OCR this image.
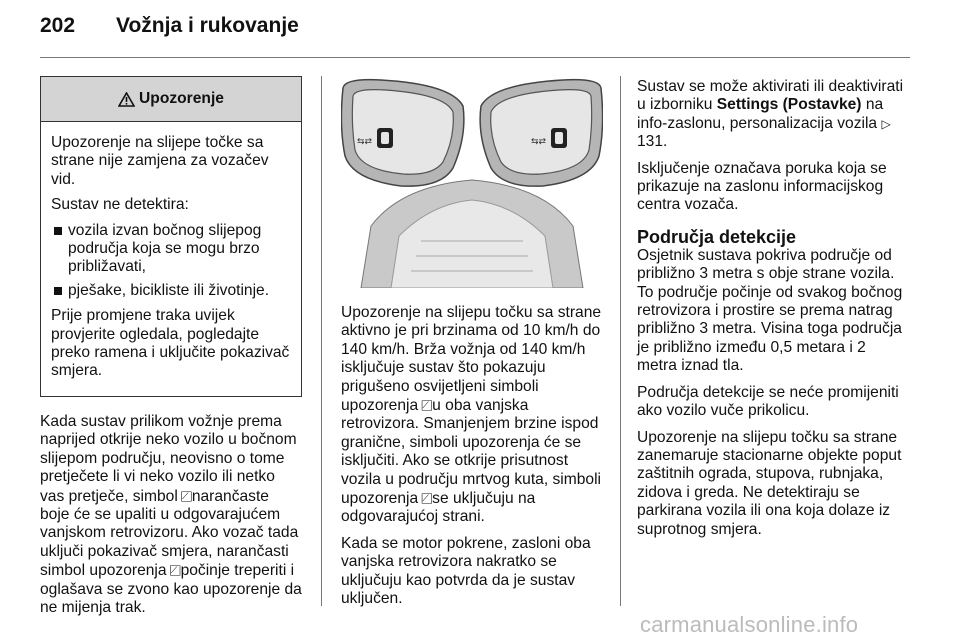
202 Vožnja i rukovanje
Upozorenje

Upozorenje na slijepe točke sa strane nije zamjena za vozačev vid.

Sustav ne detektira:

vozila izvan bočnog slijepog područja koja se mogu brzo približavati,
pješake, bicikliste ili životinje.

Prije promjene traka uvijek provjerite ogledala, pogledajte preko ramena i uključite pokazivač smjera.

Kada sustav prilikom vožnje prema naprijed otkrije neko vozilo u bočnom slijepom području, neovisno o tome pretječete li vi neko vozilo ili netko vas pretječe, simbol ⟋⃞ narančaste boje će se upaliti u odgovarajućem vanjskom retrovizoru. Ako vozač tada uključi pokazivač smjera, narančasti simbol upozorenja ⟋⃞ počinje treperiti i oglašava se zvono kao upozorenje da ne mijenja trak.

⇆⇄	⇆⇄

Upozorenje na slijepu točku sa strane aktivno je pri brzinama od 10 km/h do 140 km/h. Brža vožnja od 140 km/h isključuje sustav što pokazuju prigušeno osvijetljeni simboli upozorenja ⟋⃞ u oba vanjska retrovizora. Smanjenjem brzine ispod granične, simboli upozorenja će se isključiti. Ako se otkrije prisutnost vozila u području mrtvog kuta, simboli upozorenja ⟋⃞ se uključuju na odgovarajućoj strani.

Kada se motor pokrene, zasloni oba vanjska retrovizora nakratko se uključuju kao potvrda da je sustav uključen.

Sustav se može aktivirati ili deaktivirati u izborniku Settings (Postavke) na info-zaslonu, personalizacija vozila ▷ 131.

Isključenje označava poruka koja se prikazuje na zaslonu informacijskog centra vozača.

Područja detekcije

Osjetnik sustava pokriva područje od približno 3 metra s obje strane vozila. To područje počinje od svakog bočnog retrovizora i prostire se prema natrag približno 3 metra. Visina toga područja je približno između 0,5 metara i 2 metra iznad tla.

Područja detekcije se neće promijeniti ako vozilo vuče prikolicu.

Upozorenje na slijepu točku sa strane zanemaruje stacionarne objekte poput zaštitnih ograda, stupova, rubnjaka, zidova i greda. Ne detektiraju se parkirana vozila ili ona koja dolaze iz suprotnog smjera.

carmanualsonline.info
